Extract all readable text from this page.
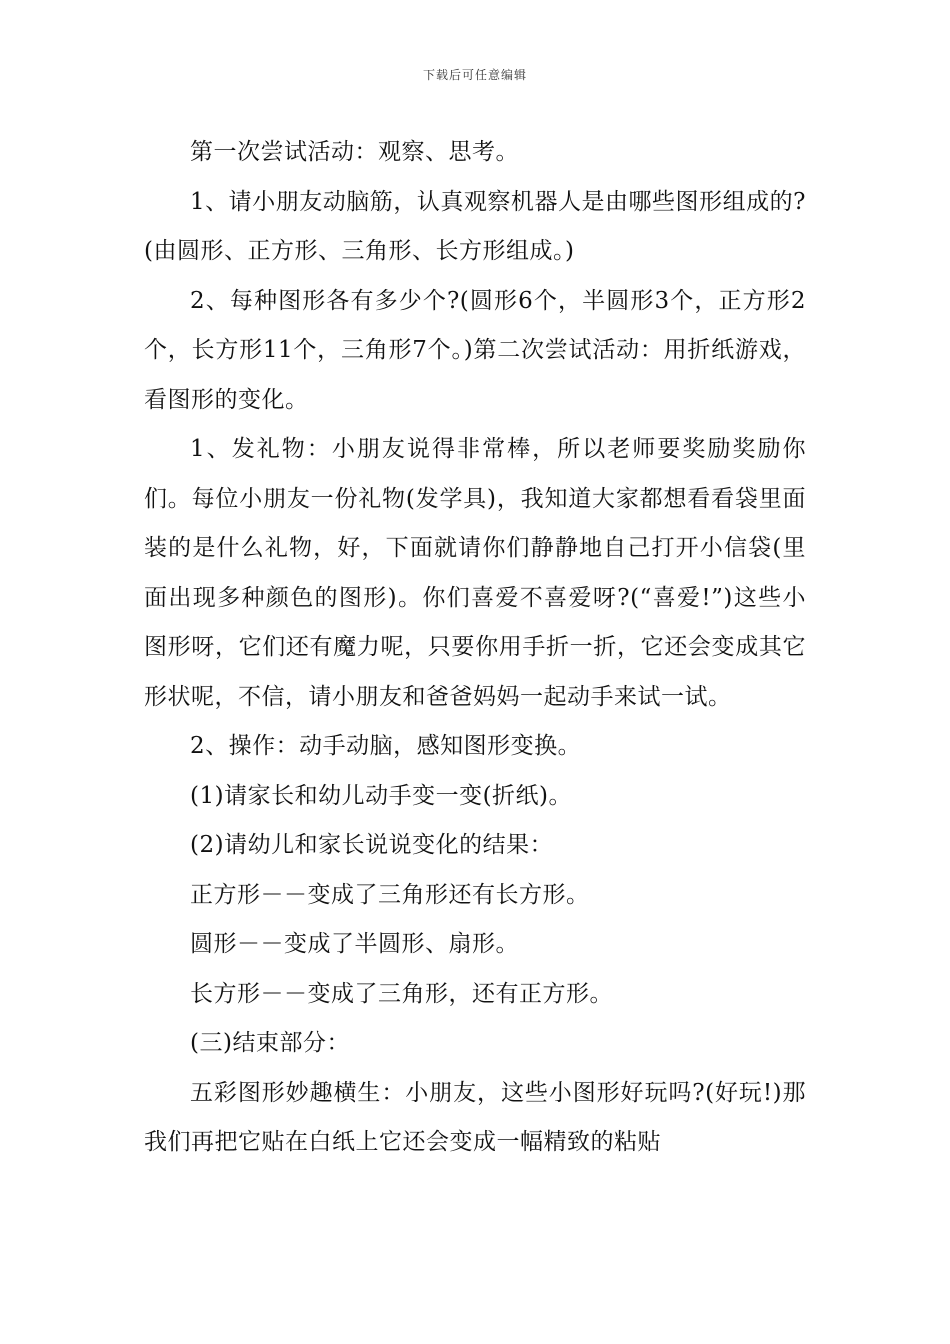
下载后可任意编辑

第一次尝试活动：观察、思考。

1、请小朋友动脑筋，认真观察机器人是由哪些图形组成的?(由圆形、正方形、三角形、长方形组成。)

2、每种图形各有多少个?(圆形6个，半圆形3个，正方形2个，长方形11个，三角形7个。)第二次尝试活动：用折纸游戏，看图形的变化。

1、发礼物：小朋友说得非常棒，所以老师要奖励奖励你们。每位小朋友一份礼物(发学具)，我知道大家都想看看袋里面装的是什么礼物，好，下面就请你们静静地自己打开小信袋(里面出现多种颜色的图形)。你们喜爱不喜爱呀?(“喜爱!”)这些小图形呀，它们还有魔力呢，只要你用手折一折，它还会变成其它形状呢，不信，请小朋友和爸爸妈妈一起动手来试一试。

2、操作：动手动脑，感知图形变换。

(1)请家长和幼儿动手变一变(折纸)。

(2)请幼儿和家长说说变化的结果：

正方形－－变成了三角形还有长方形。

圆形－－变成了半圆形、扇形。

长方形－－变成了三角形，还有正方形。

(三)结束部分：

五彩图形妙趣横生：小朋友，这些小图形好玩吗?(好玩!)那我们再把它贴在白纸上它还会变成一幅精致的粘贴
